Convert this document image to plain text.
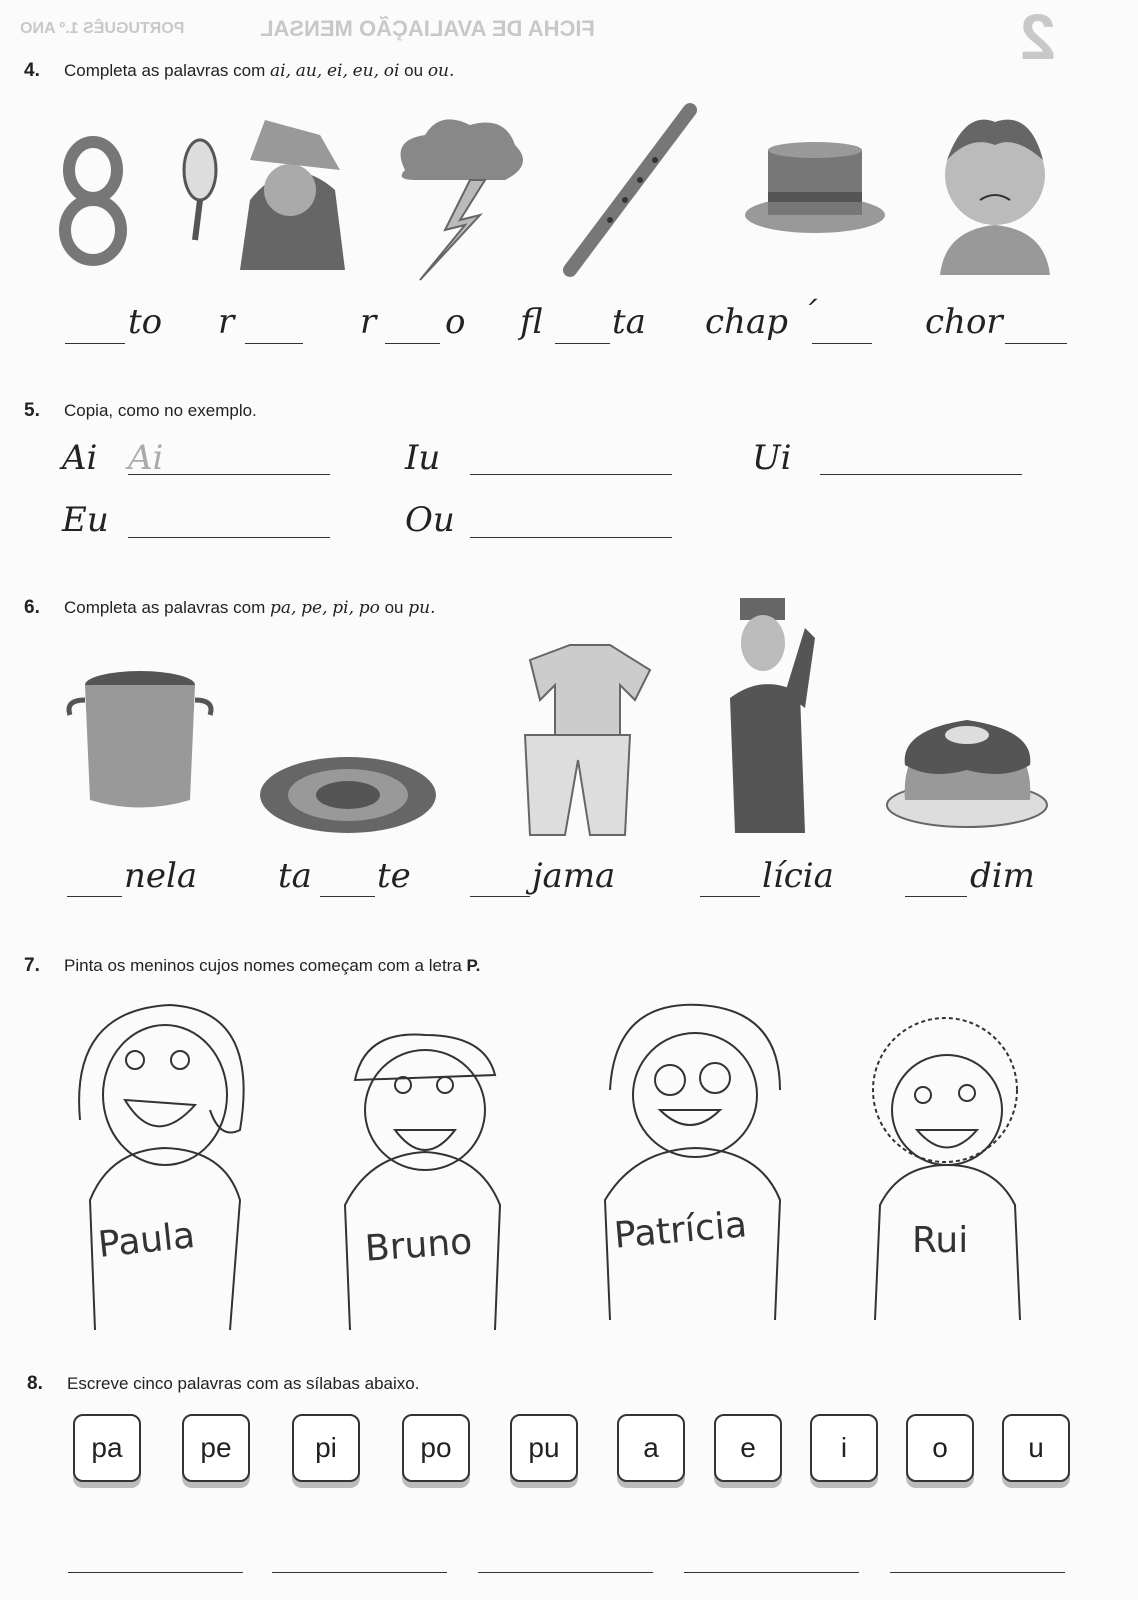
FICHA DE AVALIAÇÃO MENSAL
PORTUGUÊS 1.º ANO	2
4. Completa as palavras com ai, au, ei, eu, oi ou ou.
to r	r o fl ta chap ´	chor
5. Copia, como no exemplo.
Ai Ai	Iu	Ui
Eu	Ou
6. Completa as palavras com pa, pe, pi, po ou pu.
nela ta te	jama	lícia	dim
7. Pinta os meninos cujos nomes começam com a letra P.
Paula	Bruno	Patrícia	Rui
8. Escreve cinco palavras com as sílabas abaixo.
pa	pe	pi	po	pu	a	e	i	o	u
